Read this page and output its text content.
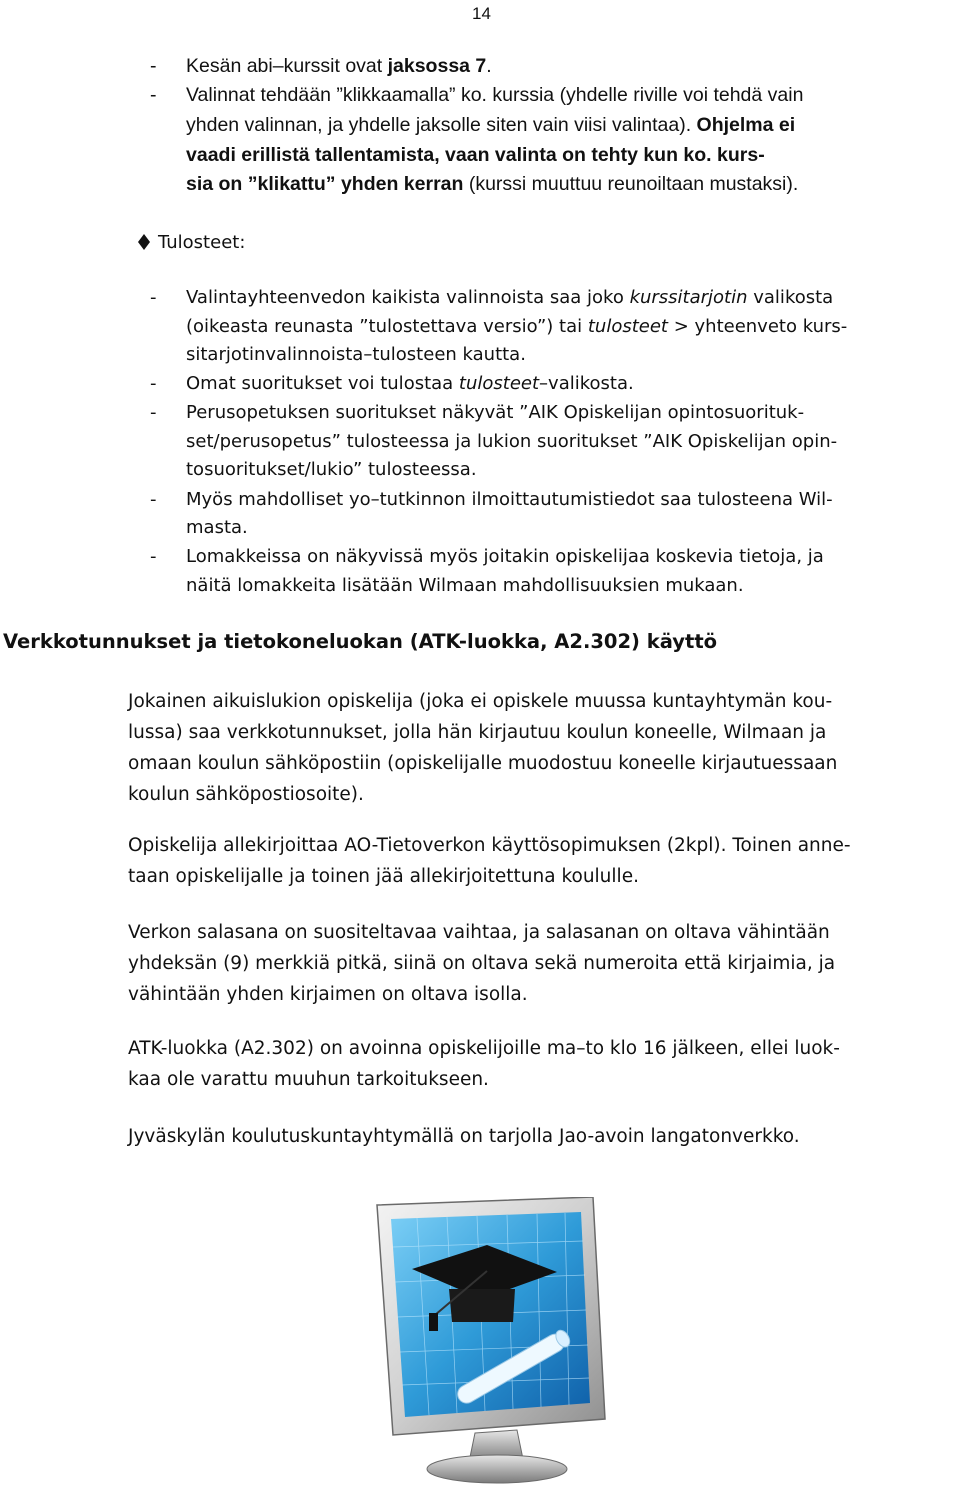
14
- Kesän abi–kurssit ovat jaksossa 7.
- Valinnat tehdään ”klikkaamalla” ko. kurssia (yhdelle riville voi tehdä vain
yhden valinnan, ja yhdelle jaksolle siten vain viisi valintaa). Ohjelma ei
vaadi erillistä tallentamista, vaan valinta on tehty kun ko. kurs-
sia on ”klikattu” yhden kerran (kurssi muuttuu reunoiltaan mustaksi).
Tulosteet:
- Valintayhteenvedon kaikista valinnoista saa joko kurssitarjotin valikosta
(oikeasta reunasta ”tulostettava versio”) tai tulosteet > yhteenveto kurs-
sitarjotinvalinnoista–tulosteen kautta.
- Omat suoritukset voi tulostaa tulosteet–valikosta.
- Perusopetuksen suoritukset näkyvät ”AIK Opiskelijan opintosuorituk-
set/perusopetus” tulosteessa ja lukion suoritukset ”AIK Opiskelijan opin-
tosuoritukset/lukio” tulosteessa.
- Myös mahdolliset yo–tutkinnon ilmoittautumistiedot saa tulosteena Wil-
masta.
- Lomakkeissa on näkyvissä myös joitakin opiskelijaa koskevia tietoja, ja
näitä lomakkeita lisätään Wilmaan mahdollisuuksien mukaan.
Verkkotunnukset ja tietokoneluokan (ATK-luokka, A2.302) käyttö
Jokainen aikuislukion opiskelija (joka ei opiskele muussa kuntayhtymän kou-
lussa) saa verkkotunnukset, jolla hän kirjautuu koulun koneelle, Wilmaan ja
omaan koulun sähköpostiin (opiskelijalle muodostuu koneelle kirjautuessaan
koulun sähköpostiosoite).
Opiskelija allekirjoittaa AO-Tietoverkon käyttösopimuksen (2kpl). Toinen anne-
taan opiskelijalle ja toinen jää allekirjoitettuna koululle.
Verkon salasana on suositeltavaa vaihtaa, ja salasanan on oltava vähintään
yhdeksän (9) merkkiä pitkä, siinä on oltava sekä numeroita että kirjaimia, ja
vähintään yhden kirjaimen on oltava isolla.
ATK-luokka (A2.302) on avoinna opiskelijoille ma–to klo 16 jälkeen, ellei luok-
kaa ole varattu muuhun tarkoitukseen.
Jyväskylän koulutuskuntayhtymällä on tarjolla Jao-avoin langatonverkko.
